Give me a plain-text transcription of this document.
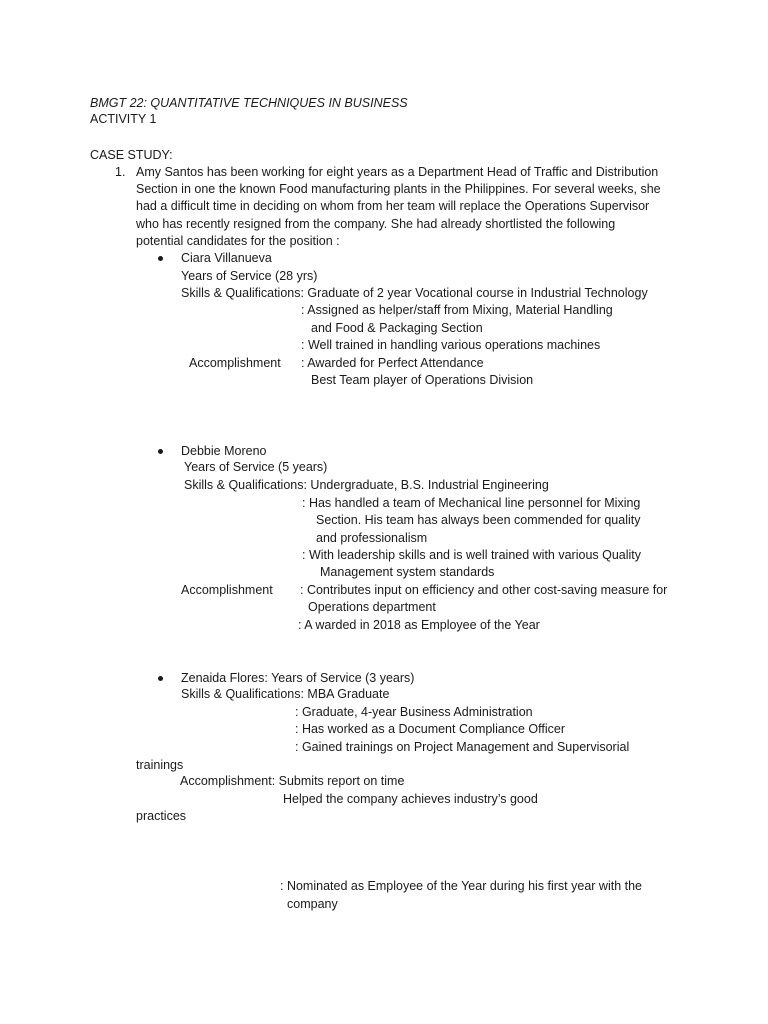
BMGT 22: QUANTITATIVE TECHNIQUES IN BUSINESS
ACTIVITY 1
CASE STUDY:
1. Amy Santos has been working for eight years as a Department Head of Traffic and Distribution
Section in one the known Food manufacturing plants in the Philippines. For several weeks, she
had a difficult time in deciding on whom from her team will replace the Operations Supervisor
who has recently resigned from the company. She had already shortlisted the following
potential candidates for the position :
Ciara Villanueva
Years of Service (28 yrs)
Skills & Qualifications: Graduate of 2 year Vocational course in Industrial Technology
: Assigned as helper/staff from Mixing, Material Handling
and Food & Packaging Section
: Well trained in handling various operations machines
Accomplishment : Awarded for Perfect Attendance
Best Team player of Operations Division
Debbie Moreno
Years of Service (5 years)
Skills & Qualifications: Undergraduate, B.S. Industrial Engineering
: Has handled a team of Mechanical line personnel for Mixing
Section. His team has always been commended for quality
and professionalism
: With leadership skills and is well trained with various Quality
Management system standards
Accomplishment : Contributes input on efficiency and other cost-saving measure for
Operations department
: A warded in 2018 as Employee of the Year
Zenaida Flores: Years of Service (3 years)
Skills & Qualifications: MBA Graduate
: Graduate, 4-year Business Administration
: Has worked as a Document Compliance Officer
: Gained trainings on Project Management and Supervisorial
trainings
Accomplishment: Submits report on time
Helped the company achieves industry’s good
practices
: Nominated as Employee of the Year during his first year with the
company
